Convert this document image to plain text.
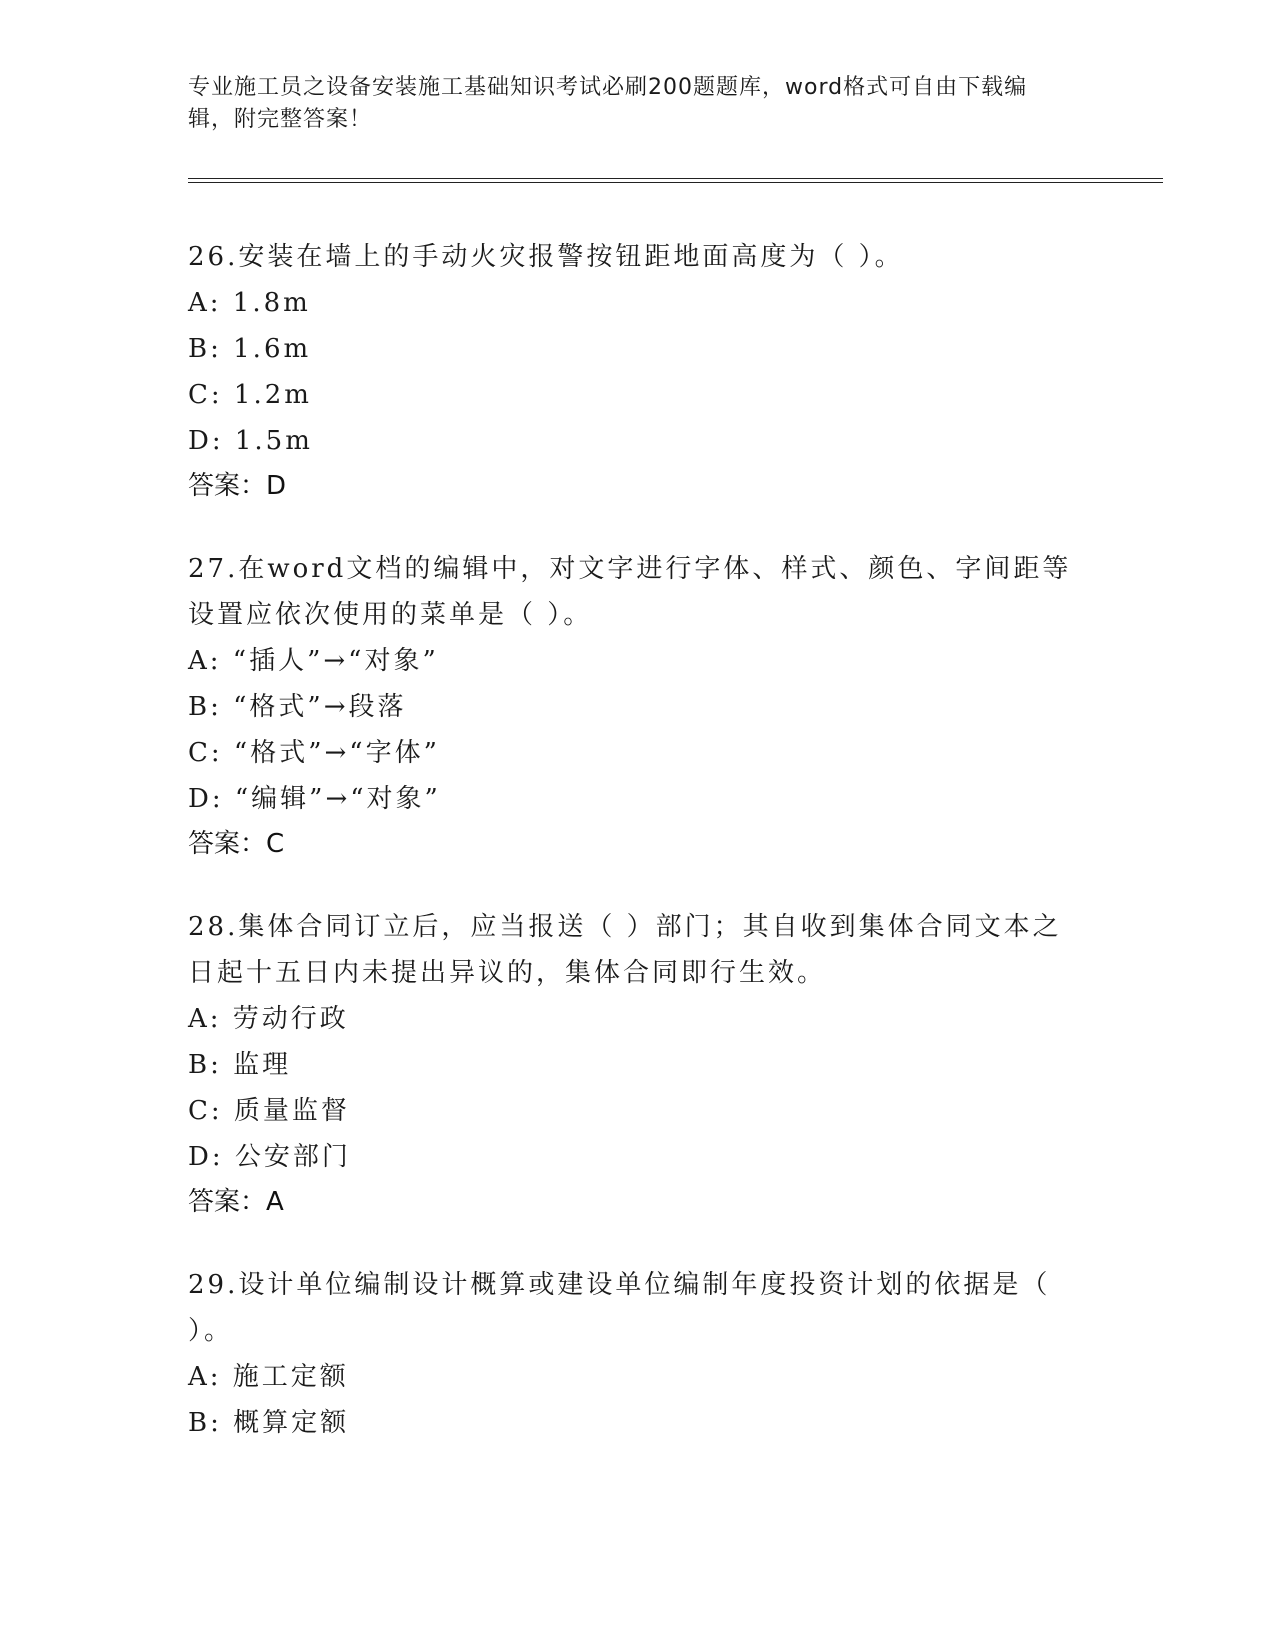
专业施工员之设备安装施工基础知识考试必刷200题题库，word格式可自由下载编辑，附完整答案！
26.安装在墙上的手动火灾报警按钮距地面高度为（ ）。
A: 1.8m
B: 1.6m
C: 1.2m
D: 1.5m
答案：D
27.在word文档的编辑中，对文字进行字体、样式、颜色、字间距等设置应依次使用的菜单是（ ）。
A: “插人”→“对象”
B: “格式”→段落
C: “格式”→“字体”
D: “编辑”→“对象”
答案：C
28.集体合同订立后，应当报送（ ）部门；其自收到集体合同文本之日起十五日内未提出异议的，集体合同即行生效。
A: 劳动行政
B: 监理
C: 质量监督
D: 公安部门
答案：A
29.设计单位编制设计概算或建设单位编制年度投资计划的依据是（ ）。
A: 施工定额
B: 概算定额
